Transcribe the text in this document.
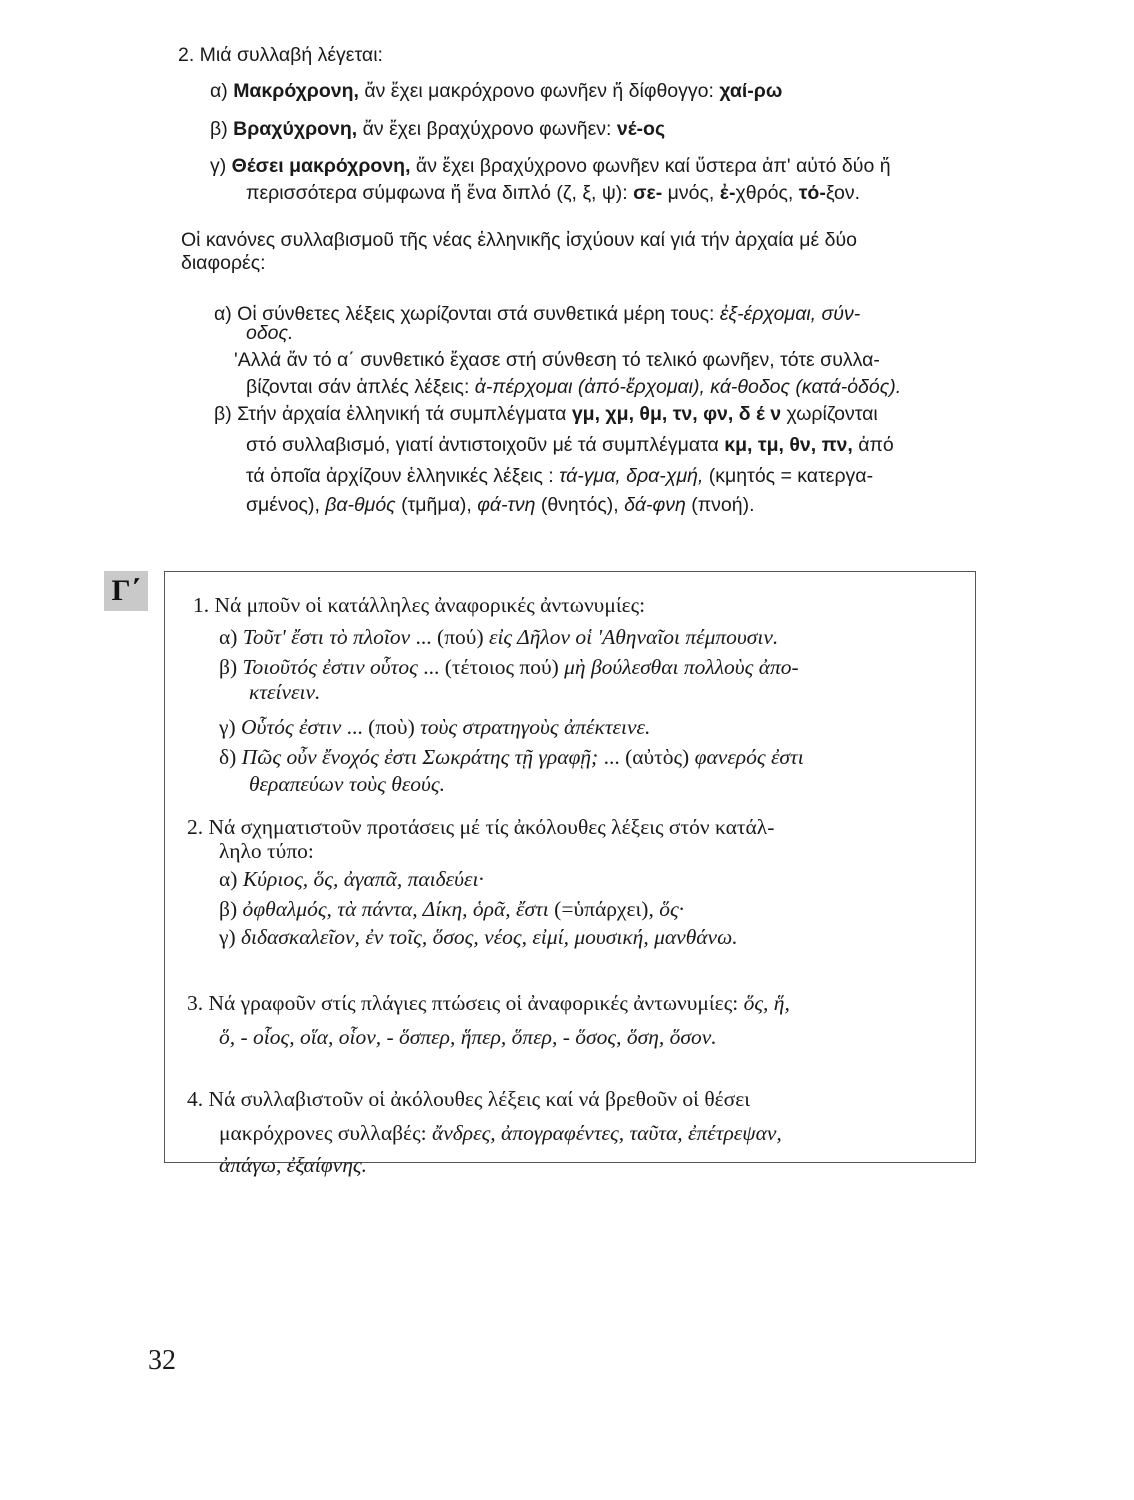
2. Μιά συλλαβή λέγεται:
α) Μακρόχρονη, ἄν ἔχει μακρόχρονο φωνῆεν ἤ δίφθογγο: χαί-ρω
β) Βραχύχρονη, ἄν ἔχει βραχύχρονο φωνῆεν: νέ-ος
γ) Θέσει μακρόχρονη, ἄν ἔχει βραχύχρονο φωνῆεν καί ὕστερα ἀπ' αὐτό δύο ἤ
περισσότερα σύμφωνα ἤ ἕνα διπλό (ζ, ξ, ψ): σε- μνός, ἐ-χθρός, τό-ξον.
Οἱ κανόνες συλλαβισμοῦ τῆς νέας ἑλληνικῆς ἰσχύουν καί γιά τήν ἀρχαία μέ δύο
διαφορές:
α) Οἱ σύνθετες λέξεις χωρίζονται στά συνθετικά μέρη τους: ἐξ-έρχομαι, σύν-
οδος.
'Αλλά ἄν τό α΄ συνθετικό ἔχασε στή σύνθεση τό τελικό φωνῆεν, τότε συλλα-
βίζονται σάν ἁπλές λέξεις: ἀ-πέρχομαι (ἀπό-ἔρχομαι), κά-θοδος (κατά-ὁδός).
β) Στήν ἀρχαία ἑλληνική τά συμπλέγματα γμ, χμ, θμ, τν, φν, δ έ ν χωρίζονται
στό συλλαβισμό, γιατί ἀντιστοιχοῦν μέ τά συμπλέγματα κμ, τμ, θν, πν, ἀπό
τά ὁποῖα ἀρχίζουν ἑλληνικές λέξεις : τά-γμα, δρα-χμή, (κμητός = κατεργα-
σμένος), βα-θμός (τμῆμα), φά-τνη (θνητός), δά-φνη (πνοή).
Γ΄	1. Νά μποῦν οἱ κατάλληλες ἀναφορικές ἀντωνυμίες:
α) Τοῦτ' ἔστι τὸ πλοῖον ... (πού) εἰς Δῆλον οἱ 'Αθηναῖοι πέμπουσιν.
β) Τοιοῦτός ἐστιν οὗτος ... (τέτοιος πού) μὴ βούλεσθαι πολλοὺς ἀπο-
κτείνειν.
γ) Οὗτός ἐστιν ... (ποὺ) τοὺς στρατηγοὺς ἀπέκτεινε.
δ) Πῶς οὖν ἔνοχός ἐστι Σωκράτης τῇ γραφῇ; ... (αὐτὸς) φανερός ἐστι
θεραπεύων τοὺς θεούς.
2. Νά σχηματιστοῦν προτάσεις μέ τίς ἀκόλουθες λέξεις στόν κατάλ-
ληλο τύπο:
α) Κύριος, ὅς, ἀγαπᾶ, παιδεύει·
β) ὀφθαλμός, τὰ πάντα, Δίκη, ὁρᾶ, ἔστι (=ὑπάρχει), ὅς·
γ) διδασκαλεῖον, ἐν τοῖς, ὅσος, νέος, εἰμί, μουσική, μανθάνω.
3. Νά γραφοῦν στίς πλάγιες πτώσεις οἱ ἀναφορικές ἀντωνυμίες: ὅς, ἥ,
ὅ, - οἷος, οἵα, οἷον, - ὅσπερ, ἥπερ, ὅπερ, - ὅσος, ὅση, ὅσον.
4. Νά συλλαβιστοῦν οἱ ἀκόλουθες λέξεις καί νά βρεθοῦν οἱ θέσει
μακρόχρονες συλλαβές: ἄνδρες, ἀπογραφέντες, ταῦτα, ἐπέτρεψαν,
ἀπάγω, ἐξαίφνης.
32
